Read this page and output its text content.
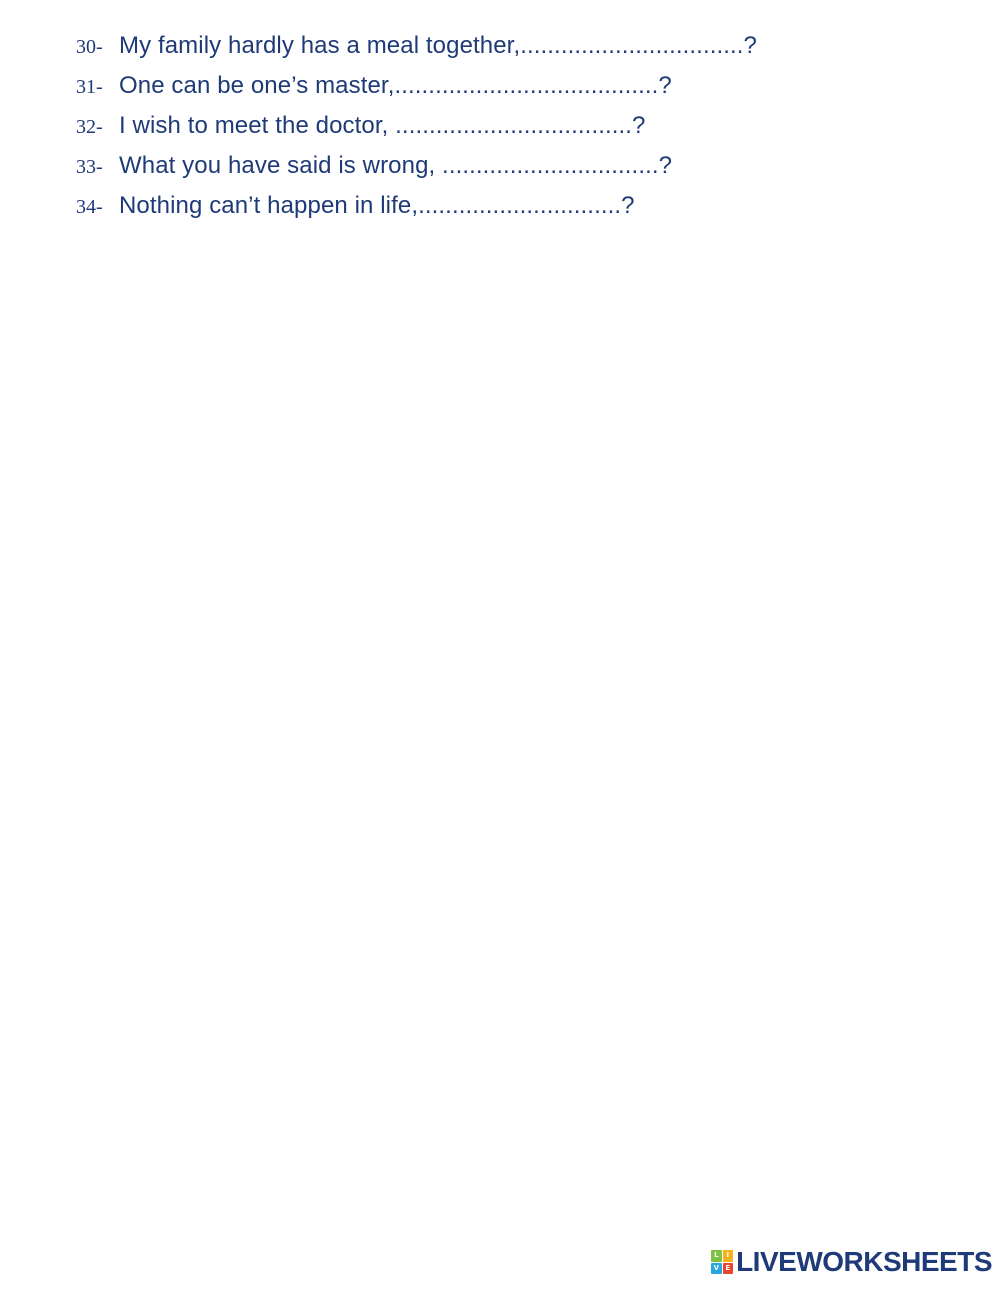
30- My family hardly has a meal together,.................................?
31- One can be one’s master,.......................................?
32- I wish to meet the doctor, ...................................?
33- What you have said is wrong, ................................?
34- Nothing can’t happen in life,..............................?
L	I
V E LIVEWORKSHEETS
